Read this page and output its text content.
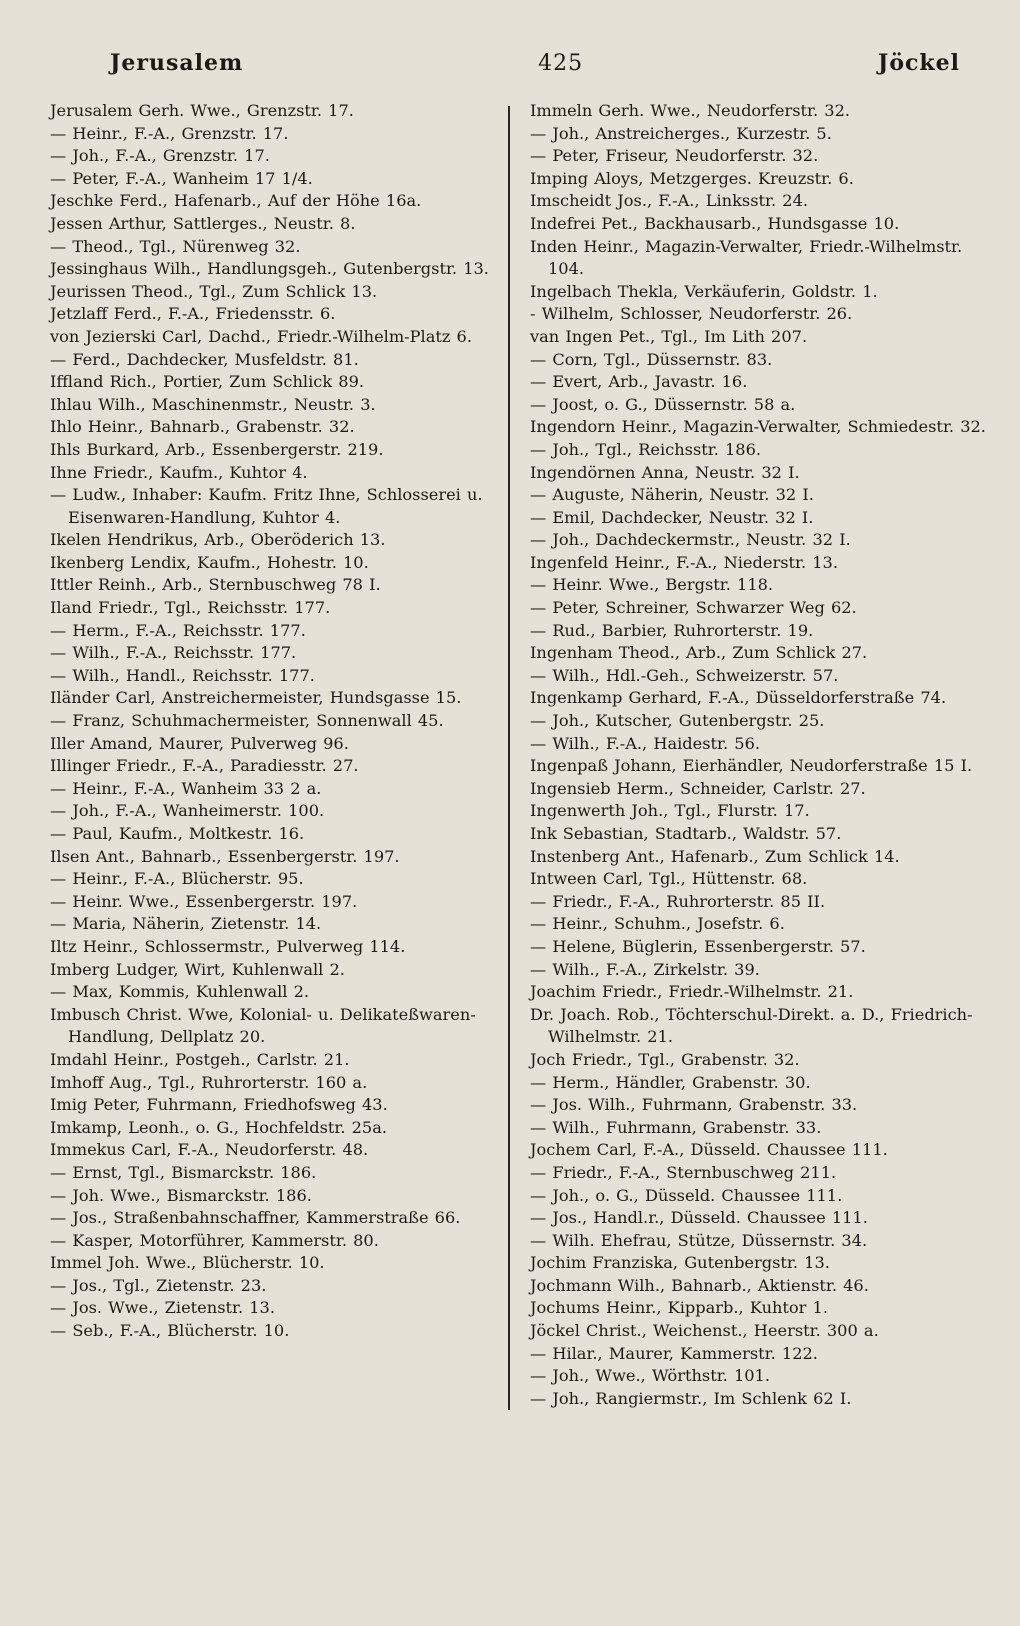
Jerusalem	425	Jöckel
Jerusalem Gerh. Wwe., Grenzstr. 17.
— Heinr., F.-A., Grenzstr. 17.
— Joh., F.-A., Grenzstr. 17.
— Peter, F.-A., Wanheim 17 1/4.
Jeschke Ferd., Hafenarb., Auf der Höhe 16a.
Jessen Arthur, Sattlerges., Neustr. 8.
— Theod., Tgl., Nürenweg 32.
Jessinghaus Wilh., Handlungsgeh., Gutenbergstr. 13.
Jeurissen Theod., Tgl., Zum Schlick 13.
Jetzlaff Ferd., F.-A., Friedensstr. 6.
von Jezierski Carl, Dachd., Friedr.-Wilhelm-Platz 6.
— Ferd., Dachdecker, Musfeldstr. 81.
Iffland Rich., Portier, Zum Schlick 89.
Ihlau Wilh., Maschinenmstr., Neustr. 3.
Ihlo Heinr., Bahnarb., Grabenstr. 32.
Ihls Burkard, Arb., Essenbergerstr. 219.
Ihne Friedr., Kaufm., Kuhtor 4.
— Ludw., Inhaber: Kaufm. Fritz Ihne, Schlosserei u. Eisenwaren-Handlung, Kuhtor 4.
Ikelen Hendrikus, Arb., Oberöderich 13.
Ikenberg Lendix, Kaufm., Hohestr. 10.
Ittler Reinh., Arb., Sternbuschweg 78 I.
Iland Friedr., Tgl., Reichsstr. 177.
— Herm., F.-A., Reichsstr. 177.
— Wilh., F.-A., Reichsstr. 177.
— Wilh., Handl., Reichsstr. 177.
Iländer Carl, Anstreichermeister, Hundsgasse 15.
— Franz, Schuhmachermeister, Sonnenwall 45.
Iller Amand, Maurer, Pulverweg 96.
Illinger Friedr., F.-A., Paradiesstr. 27.
— Heinr., F.-A., Wanheim 33 2 a.
— Joh., F.-A., Wanheimerstr. 100.
— Paul, Kaufm., Moltkestr. 16.
Ilsen Ant., Bahnarb., Essenbergerstr. 197.
— Heinr., F.-A., Blücherstr. 95.
— Heinr. Wwe., Essenbergerstr. 197.
— Maria, Näherin, Zietenstr. 14.
Iltz Heinr., Schlossermstr., Pulverweg 114.
Imberg Ludger, Wirt, Kuhlenwall 2.
— Max, Kommis, Kuhlenwall 2.
Imbusch Christ. Wwe, Kolonial- u. Delikateßwaren-Handlung, Dellplatz 20.
Imdahl Heinr., Postgeh., Carlstr. 21.
Imhoff Aug., Tgl., Ruhrorterstr. 160 a.
Imig Peter, Fuhrmann, Friedhofsweg 43.
Imkamp, Leonh., o. G., Hochfeldstr. 25a.
Immekus Carl, F.-A., Neudorferstr. 48.
— Ernst, Tgl., Bismarckstr. 186.
— Joh. Wwe., Bismarckstr. 186.
— Jos., Straßenbahnschaffner, Kammerstraße 66.
— Kasper, Motorführer, Kammerstr. 80.
Immel Joh. Wwe., Blücherstr. 10.
— Jos., Tgl., Zietenstr. 23.
— Jos. Wwe., Zietenstr. 13.
— Seb., F.-A., Blücherstr. 10.
Immeln Gerh. Wwe., Neudorferstr. 32.
— Joh., Anstreicherges., Kurzestr. 5.
— Peter, Friseur, Neudorferstr. 32.
Imping Aloys, Metzgerges. Kreuzstr. 6.
Imscheidt Jos., F.-A., Linksstr. 24.
Indefrei Pet., Backhausarb., Hundsgasse 10.
Inden Heinr., Magazin-Verwalter, Friedr.-Wilhelmstr. 104.
Ingelbach Thekla, Verkäuferin, Goldstr. 1.
- Wilhelm, Schlosser, Neudorferstr. 26.
van Ingen Pet., Tgl., Im Lith 207.
— Corn, Tgl., Düssernstr. 83.
— Evert, Arb., Javastr. 16.
— Joost, o. G., Düssernstr. 58 a.
Ingendorn Heinr., Magazin-Verwalter, Schmiedestr. 32.
— Joh., Tgl., Reichsstr. 186.
Ingendörnen Anna, Neustr. 32 I.
— Auguste, Näherin, Neustr. 32 I.
— Emil, Dachdecker, Neustr. 32 I.
— Joh., Dachdeckermstr., Neustr. 32 I.
Ingenfeld Heinr., F.-A., Niederstr. 13.
— Heinr. Wwe., Bergstr. 118.
— Peter, Schreiner, Schwarzer Weg 62.
— Rud., Barbier, Ruhrorterstr. 19.
Ingenham Theod., Arb., Zum Schlick 27.
— Wilh., Hdl.-Geh., Schweizerstr. 57.
Ingenkamp Gerhard, F.-A., Düsseldorferstraße 74.
— Joh., Kutscher, Gutenbergstr. 25.
— Wilh., F.-A., Haidestr. 56.
Ingenpaß Johann, Eierhändler, Neudorferstraße 15 I.
Ingensieb Herm., Schneider, Carlstr. 27.
Ingenwerth Joh., Tgl., Flurstr. 17.
Ink Sebastian, Stadtarb., Waldstr. 57.
Instenberg Ant., Hafenarb., Zum Schlick 14.
Intween Carl, Tgl., Hüttenstr. 68.
— Friedr., F.-A., Ruhrorterstr. 85 II.
— Heinr., Schuhm., Josefstr. 6.
— Helene, Büglerin, Essenbergerstr. 57.
— Wilh., F.-A., Zirkelstr. 39.
Joachim Friedr., Friedr.-Wilhelmstr. 21.
Dr. Joach. Rob., Töchterschul-Direkt. a. D., Friedrich-Wilhelmstr. 21.
Joch Friedr., Tgl., Grabenstr. 32.
— Herm., Händler, Grabenstr. 30.
— Jos. Wilh., Fuhrmann, Grabenstr. 33.
— Wilh., Fuhrmann, Grabenstr. 33.
Jochem Carl, F.-A., Düsseld. Chaussee 111.
— Friedr., F.-A., Sternbuschweg 211.
— Joh., o. G., Düsseld. Chaussee 111.
— Jos., Handl.r., Düsseld. Chaussee 111.
— Wilh. Ehefrau, Stütze, Düssernstr. 34.
Jochim Franziska, Gutenbergstr. 13.
Jochmann Wilh., Bahnarb., Aktienstr. 46.
Jochums Heinr., Kipparb., Kuhtor 1.
Jöckel Christ., Weichenst., Heerstr. 300 a.
— Hilar., Maurer, Kammerstr. 122.
— Joh., Wwe., Wörthstr. 101.
— Joh., Rangiermstr., Im Schlenk 62 I.
